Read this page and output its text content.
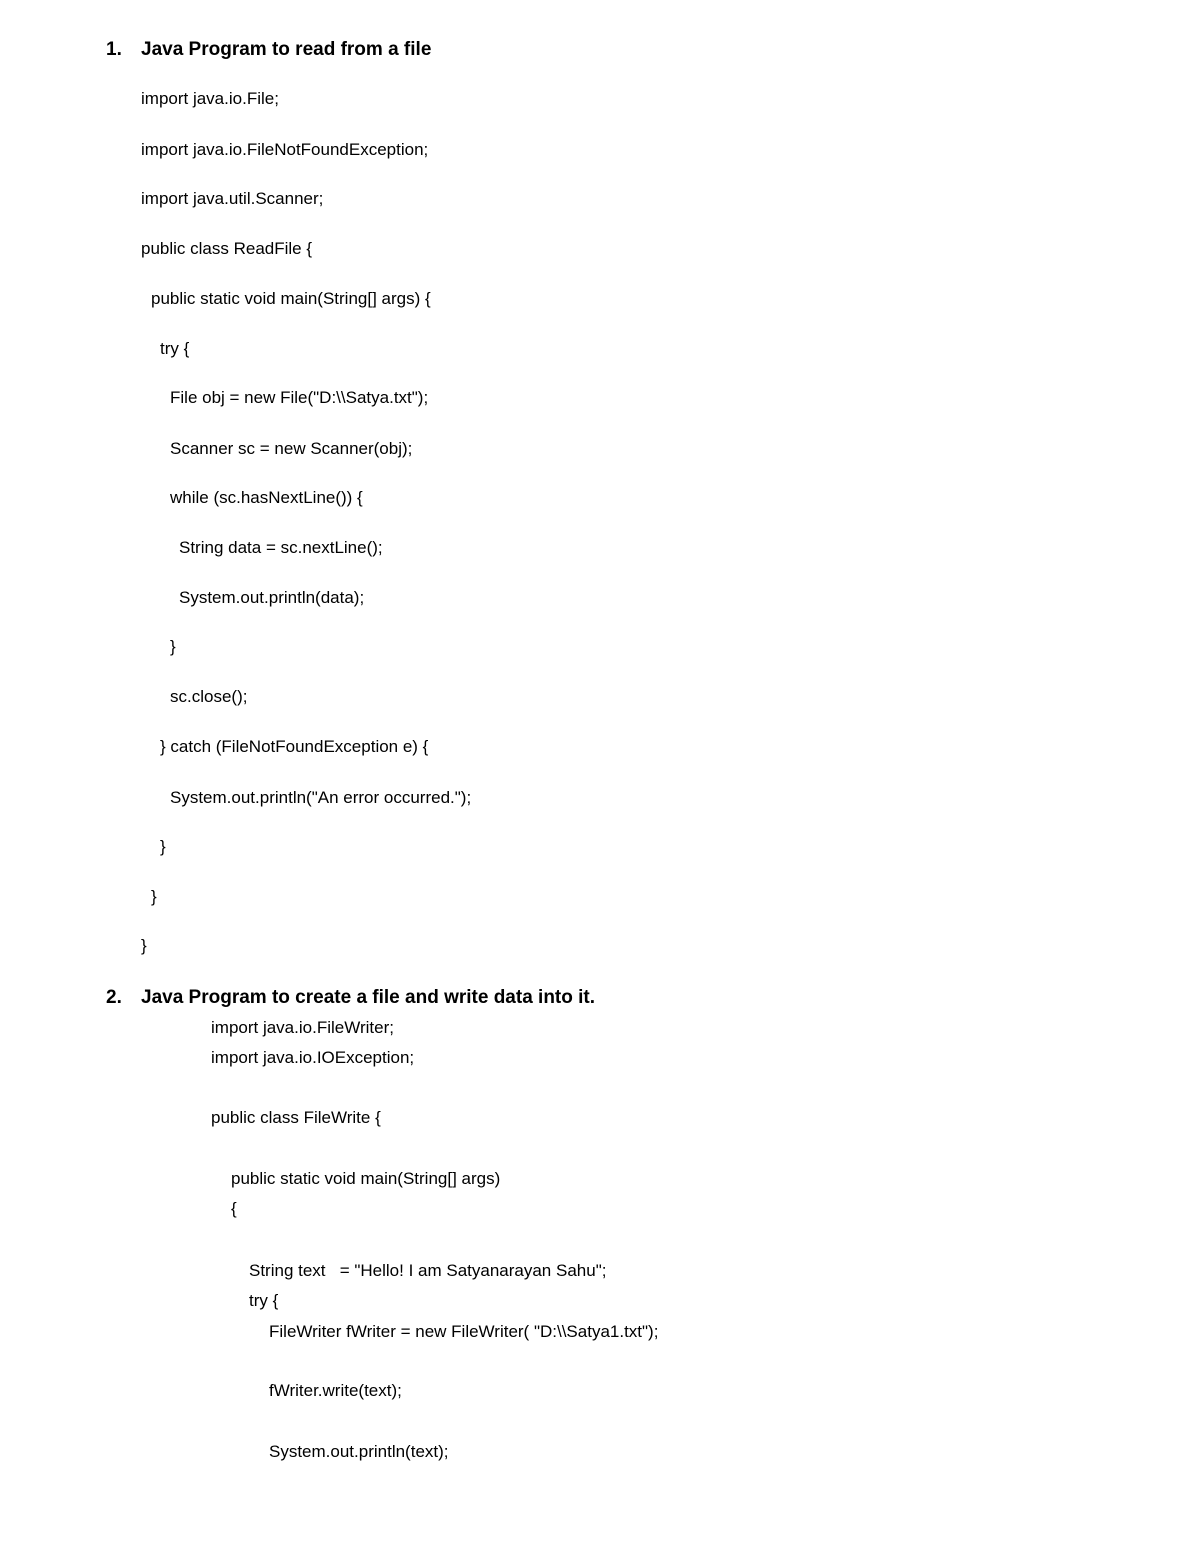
1.

Java Program to read from a file

import java.io.File;
import java.io.FileNotFoundException;
import java.util.Scanner;
public class ReadFile {
public static void main(String[] args) {
try {
File obj = new File("D:\\Satya.txt");
Scanner sc = new Scanner(obj);
while (sc.hasNextLine()) {
String data = sc.nextLine();
System.out.println(data);
}
sc.close();
} catch (FileNotFoundException e) {
System.out.println("An error occurred.");
}
}
}

2.

Java Program to create a file and write data into it.

import java.io.FileWriter;
import java.io.IOException;
public class FileWrite {
public static void main(String[] args)
{
String text   = "Hello! I am Satyanarayan Sahu";
try {
FileWriter fWriter = new FileWriter( "D:\\Satya1.txt");
fWriter.write(text);
System.out.println(text);
